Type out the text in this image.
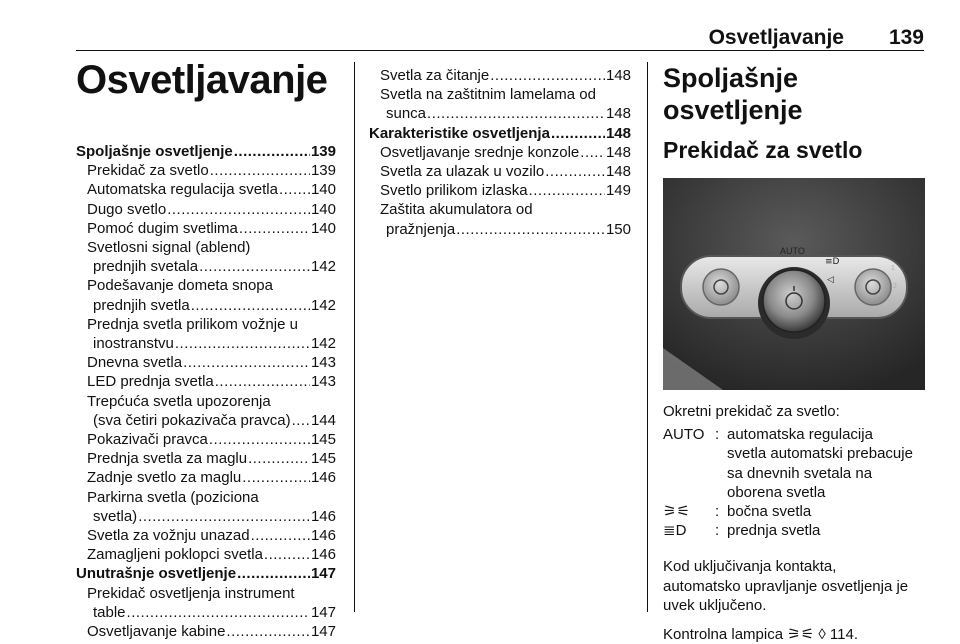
Osvetljavanje 139
Osvetljavanje
Spoljašnje osvetljenje .....	139
Prekidač za svetlo .....	139
Automatska regulacija svetla ..... 140
Dugo svetlo .....	140
Pomoć dugim svetlima .....	140
Svetlosni signal (ablend)
prednjih svetala .....	142
Podešavanje dometa snopa
prednjih svetla .....	142
Prednja svetla prilikom vožnje u
inostranstvu .....	142
Dnevna svetla .....	143
LED prednja svetla .....	143
Trepćuća svetla upozorenja
(sva četiri pokazivača pravca) ..... 144
Pokazivači pravca .....	145
Prednja svetla za maglu .....	145
Zadnje svetlo za maglu .....	146
Parkirna svetla (poziciona
svetla) .....	146
Svetla za vožnju unazad .....	146
Zamagljeni poklopci svetla .....	146
Unutrašnje osvetljenje .....	147
Prekidač osvetljenja instrument
table .....	147
Osvetljavanje kabine .....	147
Svetla za čitanje .....	148
Svetla na zaštitnim lamelama od
sunca .....	148
Karakteristike osvetljenja .....	148
Osvetljavanje srednje konzole ..... 148
Svetla za ulazak u vozilo .....	148
Svetlo prilikom izlaska .....	149
Zaštita akumulatora od
pražnjenja .....	150
Spoljašnje osvetljenje
Prekidač za svetlo
AUTO
≡D
◁
1
2
Okretni prekidač za svetlo:
AUTO : automatska regulacija
svetla automatski prebacuje
sa dnevnih svetala na
oborena svetla
⚞⚟	: bočna svetla
≣D	: prednja svetla
Kod uključivanja kontakta,
automatsko upravljanje osvetljenja je
uvek uključeno.
Kontrolna lampica ⚞⚟ ◊ 114.
